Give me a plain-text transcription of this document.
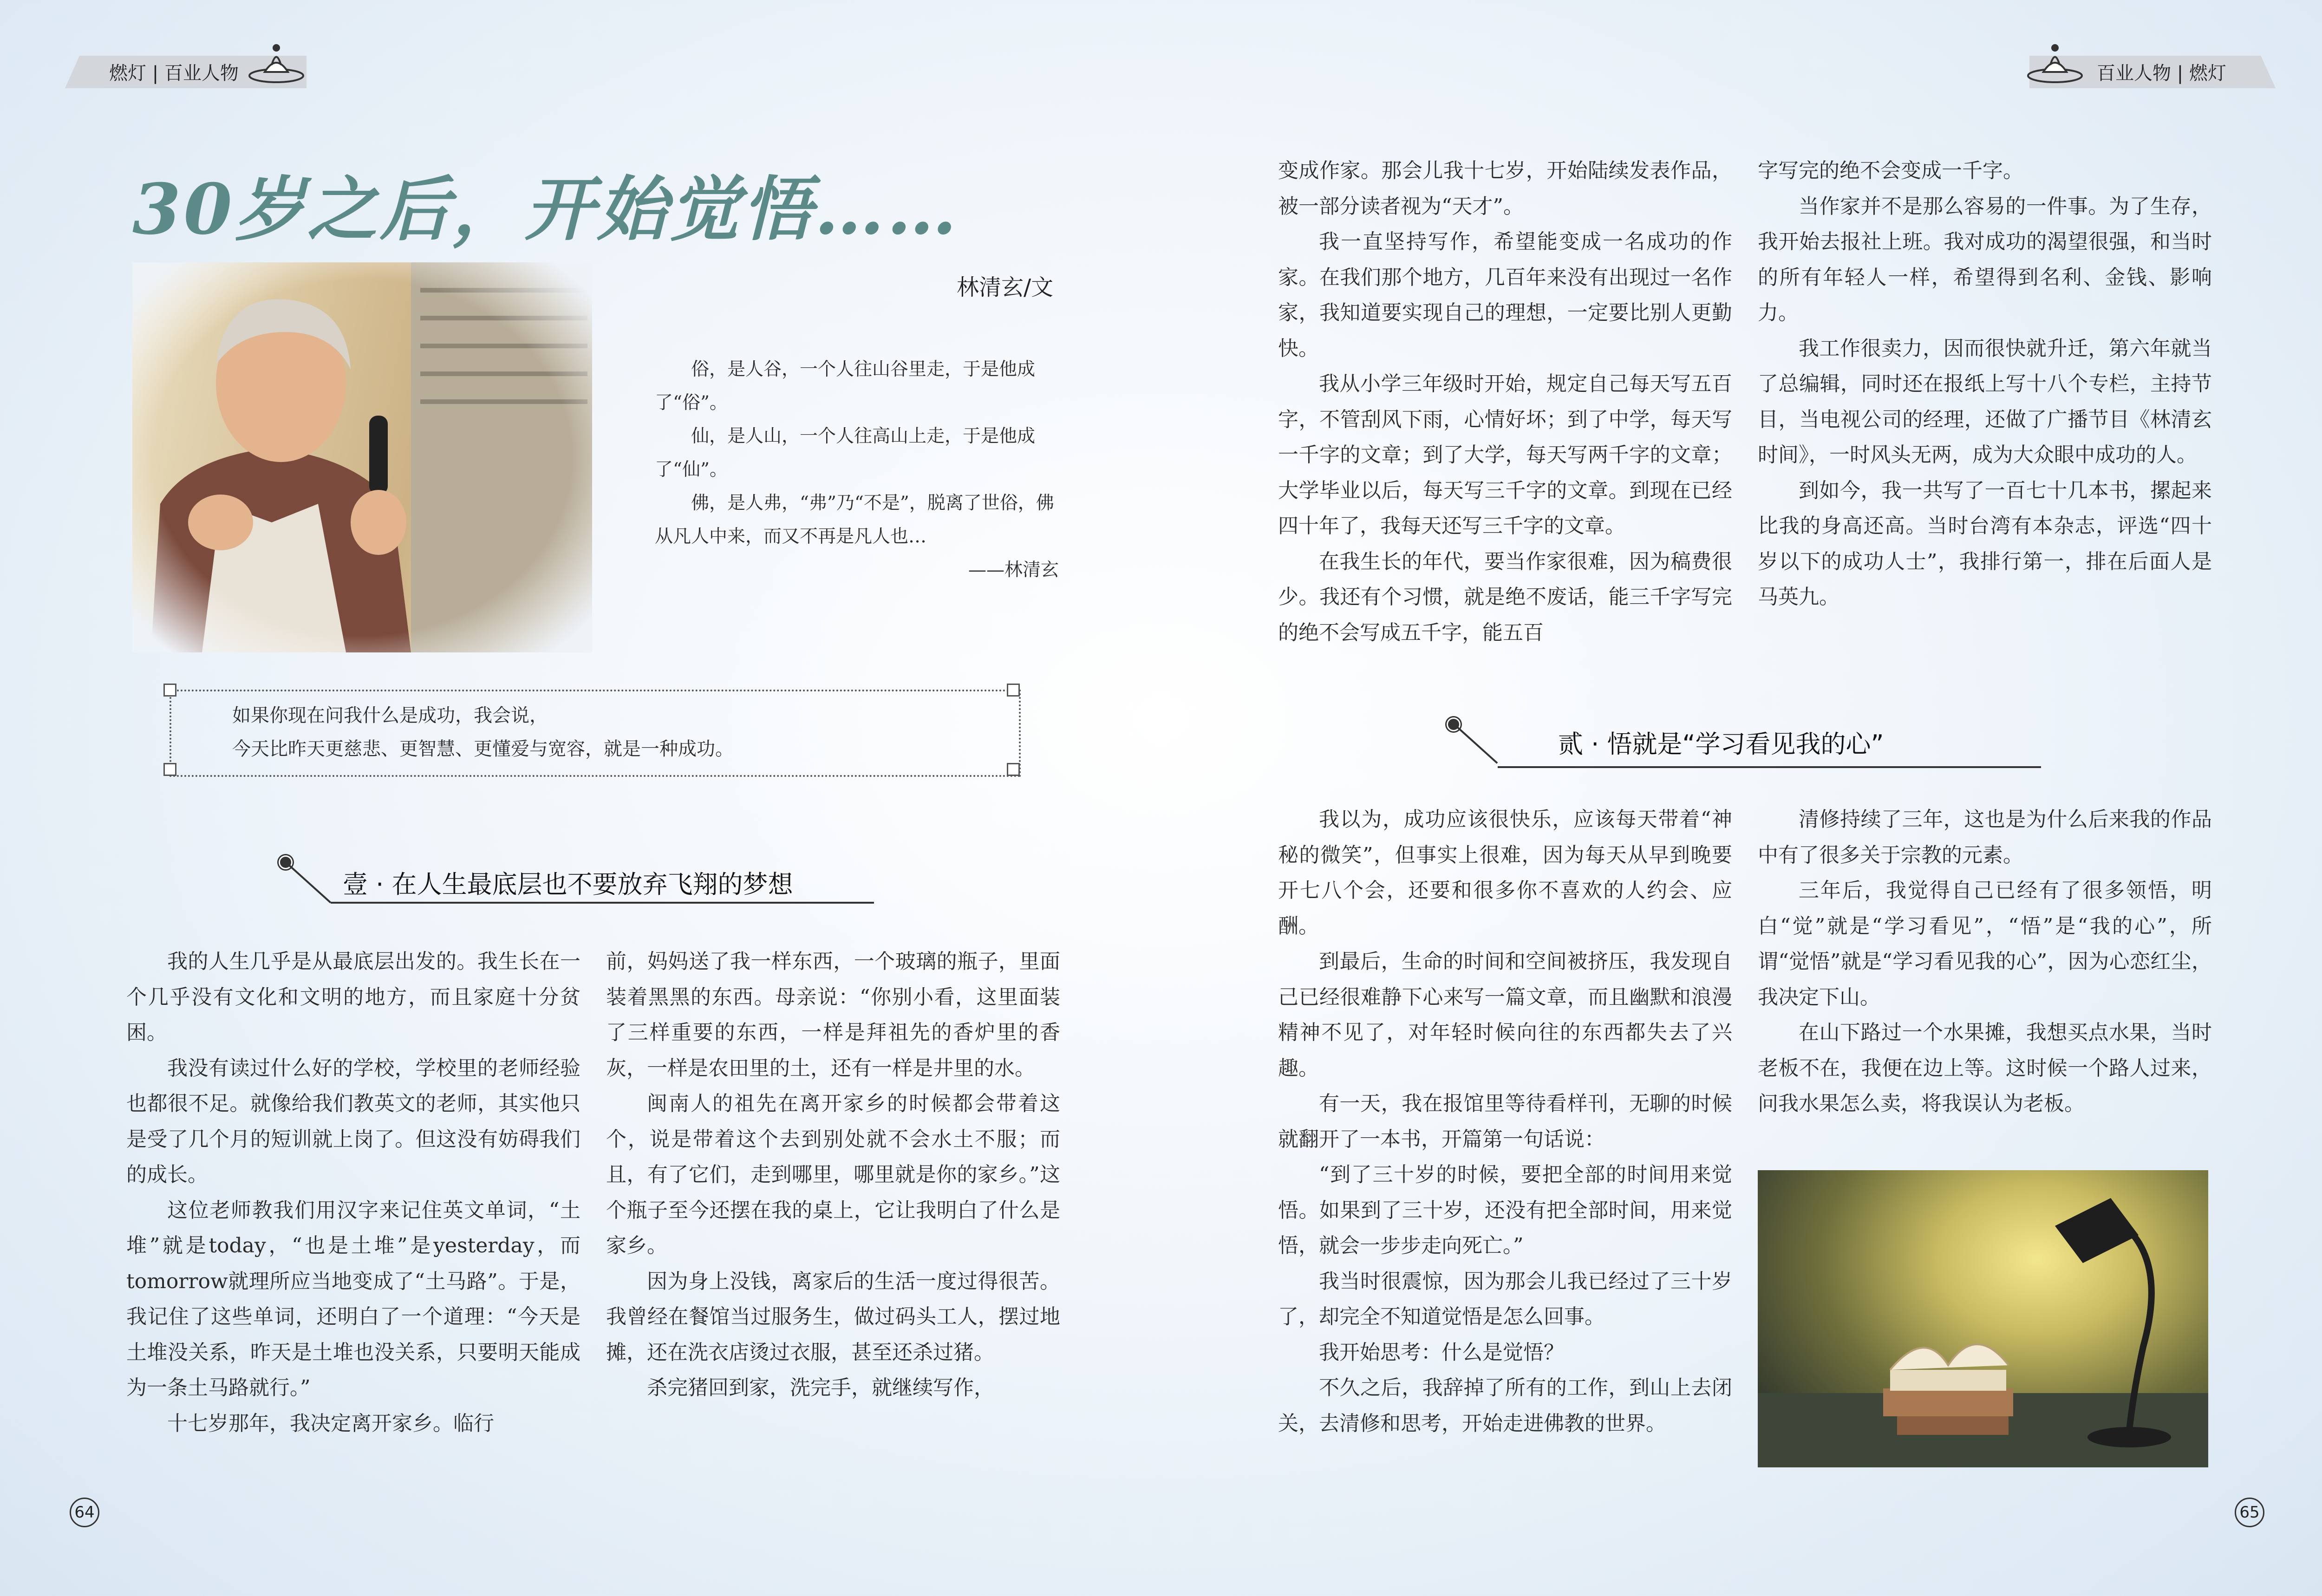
燃灯 | 百业人物	百业人物 | 燃灯
30岁之后，开始觉悟……
林清玄/文

俗，是人谷，一个人往山谷里走，于是他成了“俗”。

仙，是人山，一个人往高山上走，于是他成了“仙”。

佛，是人弗，“弗”乃“不是”，脱离了世俗，佛从凡人中来，而又不再是凡人也…

——林清玄

如果你现在问我什么是成功，我会说，
今天比昨天更慈悲、更智慧、更懂爱与宽容，就是一种成功。
壹 · 在人生最底层也不要放弃飞翔的梦想

我的人生几乎是从最底层出发的。我生长在一个几乎没有文化和文明的地方，而且家庭十分贫困。

我没有读过什么好的学校，学校里的老师经验也都很不足。就像给我们教英文的老师，其实他只是受了几个月的短训就上岗了。但这没有妨碍我们的成长。

这位老师教我们用汉字来记住英文单词，“土堆”就是today，“也是土堆”是yesterday，而tomorrow就理所应当地变成了“土马路”。于是，我记住了这些单词，还明白了一个道理：“今天是土堆没关系，昨天是土堆也没关系，只要明天能成为一条土马路就行。”

十七岁那年，我决定离开家乡。临行

前，妈妈送了我一样东西，一个玻璃的瓶子，里面装着黑黑的东西。母亲说：“你别小看，这里面装了三样重要的东西，一样是拜祖先的香炉里的香灰，一样是农田里的土，还有一样是井里的水。

闽南人的祖先在离开家乡的时候都会带着这个，说是带着这个去到别处就不会水土不服；而且，有了它们，走到哪里，哪里就是你的家乡。”这个瓶子至今还摆在我的桌上，它让我明白了什么是家乡。

因为身上没钱，离家后的生活一度过得很苦。我曾经在餐馆当过服务生，做过码头工人，摆过地摊，还在洗衣店烫过衣服，甚至还杀过猪。

杀完猪回到家，洗完手，就继续写作，

变成作家。那会儿我十七岁，开始陆续发表作品，被一部分读者视为“天才”。

我一直坚持写作，希望能变成一名成功的作家。在我们那个地方，几百年来没有出现过一名作家，我知道要实现自己的理想，一定要比别人更勤快。

我从小学三年级时开始，规定自己每天写五百字，不管刮风下雨，心情好坏；到了中学，每天写一千字的文章；到了大学，每天写两千字的文章；大学毕业以后，每天写三千字的文章。到现在已经四十年了，我每天还写三千字的文章。

在我生长的年代，要当作家很难，因为稿费很少。我还有个习惯，就是绝不废话，能三千字写完的绝不会写成五千字，能五百

字写完的绝不会变成一千字。

当作家并不是那么容易的一件事。为了生存，我开始去报社上班。我对成功的渴望很强，和当时的所有年轻人一样，希望得到名利、金钱、影响力。

我工作很卖力，因而很快就升迁，第六年就当了总编辑，同时还在报纸上写十八个专栏，主持节目，当电视公司的经理，还做了广播节目《林清玄时间》，一时风头无两，成为大众眼中成功的人。

到如今，我一共写了一百七十几本书，摞起来比我的身高还高。当时台湾有本杂志，评选“四十岁以下的成功人士”，我排行第一，排在后面人是马英九。

贰 · 悟就是“学习看见我的心”

我以为，成功应该很快乐，应该每天带着“神秘的微笑”，但事实上很难，因为每天从早到晚要开七八个会，还要和很多你不喜欢的人约会、应酬。

到最后，生命的时间和空间被挤压，我发现自己已经很难静下心来写一篇文章，而且幽默和浪漫精神不见了，对年轻时候向往的东西都失去了兴趣。

有一天，我在报馆里等待看样刊，无聊的时候就翻开了一本书，开篇第一句话说：

“到了三十岁的时候，要把全部的时间用来觉悟。如果到了三十岁，还没有把全部时间，用来觉悟，就会一步步走向死亡。”

我当时很震惊，因为那会儿我已经过了三十岁了，却完全不知道觉悟是怎么回事。

我开始思考：什么是觉悟？

不久之后，我辞掉了所有的工作，到山上去闭关，去清修和思考，开始走进佛教的世界。

清修持续了三年，这也是为什么后来我的作品中有了很多关于宗教的元素。

三年后，我觉得自己已经有了很多领悟，明白“觉”就是“学习看见”，“悟”是“我的心”，所谓“觉悟”就是“学习看见我的心”，因为心恋红尘，我决定下山。

在山下路过一个水果摊，我想买点水果，当时老板不在，我便在边上等。这时候一个路人过来，问我水果怎么卖，将我误认为老板。

64	65
